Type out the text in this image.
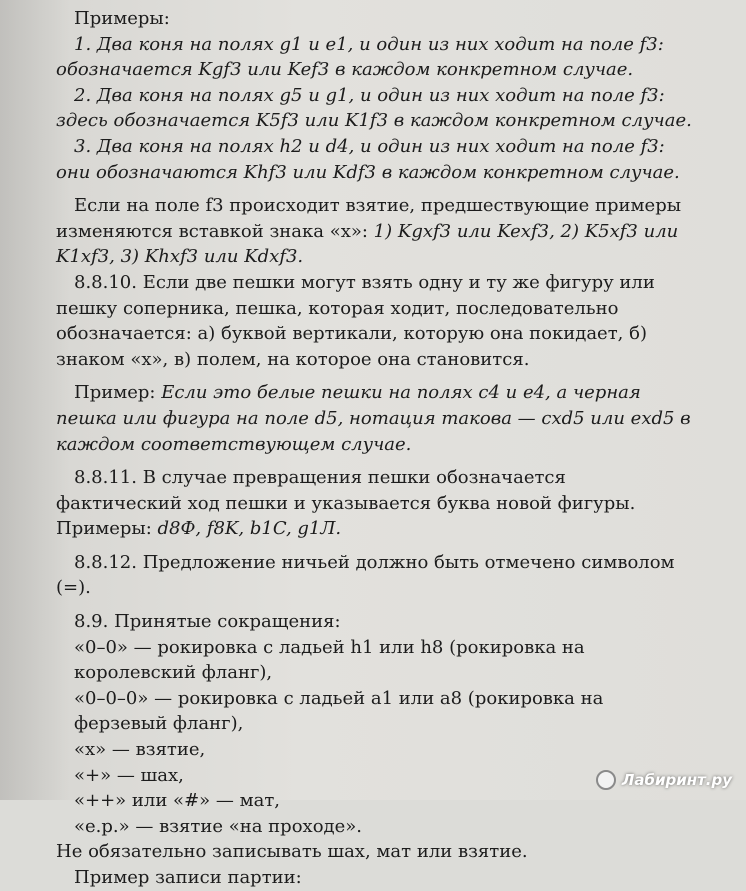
Примеры:

1. Два коня на полях g1 и e1, и один из них ходит на поле f3: обозначается Kgf3 или Kef3 в каждом конкретном случае.

2. Два коня на полях g5 и g1, и один из них ходит на поле f3: здесь обозначается K5f3 или K1f3 в каждом конкретном случае.

3. Два коня на полях h2 и d4, и один из них ходит на поле f3: они обозначаются Khf3 или Kdf3 в каждом конкретном случае.

Если на поле f3 происходит взятие, предшествующие примеры изменяются вставкой знака «x»: 1) Kgxf3 или Kexf3, 2) K5xf3 или K1xf3, 3) Khxf3 или Kdxf3.

8.8.10. Если две пешки могут взять одну и ту же фигуру или пешку соперника, пешка, которая ходит, последовательно обозначается: а) буквой вертикали, которую она покидает, б) знаком «x», в) полем, на которое она становится.

Пример: Если это белые пешки на полях c4 и e4, а черная пешка или фигура на поле d5, нотация такова — cxd5 или exd5 в каждом соответствующем случае.

8.8.11. В случае превращения пешки обозначается фактический ход пешки и указывается буква новой фигуры. Примеры: d8Ф, f8K, b1C, g1Л.

8.8.12. Предложение ничьей должно быть отмечено символом (=).

8.9. Принятые сокращения:

«0–0» — рокировка с ладьей h1 или h8 (рокировка на королевский фланг),

«0–0–0» — рокировка с ладьей a1 или a8 (рокировка на ферзевый фланг),

«x» — взятие,

«+» — шах,

«++» или «#» — мат,

«e.p.» — взятие «на проходе».

Не обязательно записывать шах, мат или взятие.

Пример записи партии:

Лабиринт.ру
